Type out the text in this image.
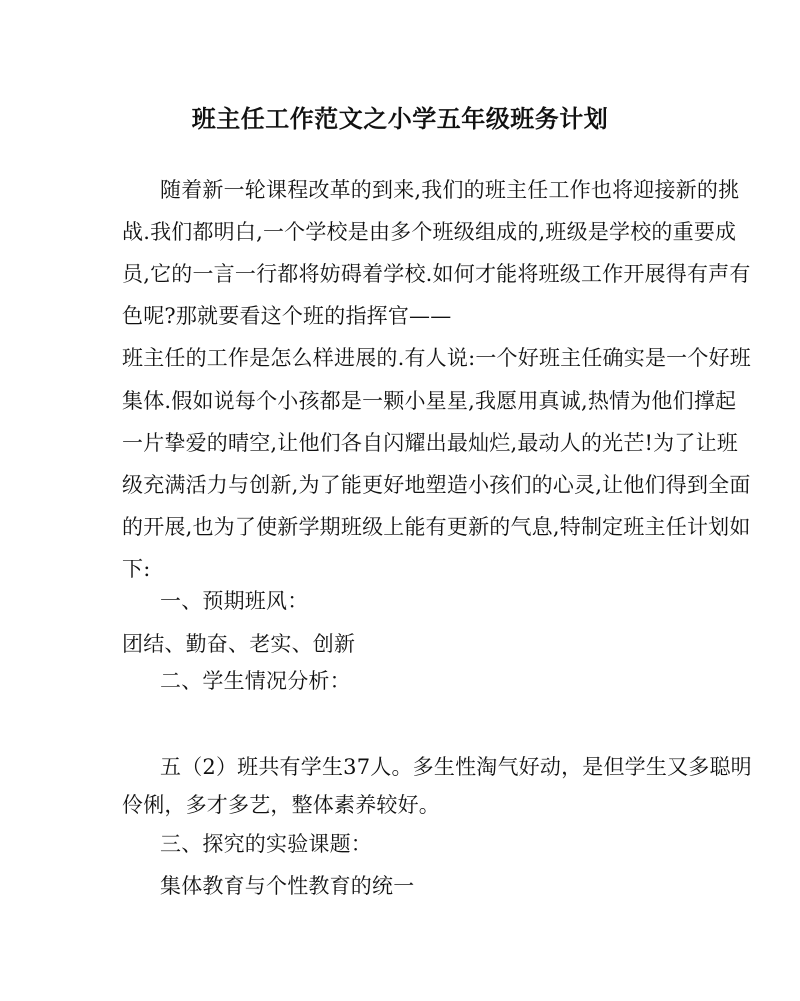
班主任工作范文之小学五年级班务计划

随着新一轮课程改革的到来,我们的班主任工作也将迎接新的挑

战.我们都明白,一个学校是由多个班级组成的,班级是学校的重要成

员,它的一言一行都将妨碍着学校.如何才能将班级工作开展得有声有

色呢?那就要看这个班的指挥官——

班主任的工作是怎么样进展的.有人说:一个好班主任确实是一个好班

集体.假如说每个小孩都是一颗小星星,我愿用真诚,热情为他们撑起

一片挚爱的晴空,让他们各自闪耀出最灿烂,最动人的光芒!为了让班

级充满活力与创新,为了能更好地塑造小孩们的心灵,让他们得到全面

的开展,也为了使新学期班级上能有更新的气息,特制定班主任计划如

下:

一、预期班风：

团结、勤奋、老实、创新

二、学生情况分析：

五（2）班共有学生37人。多生性淘气好动，是但学生又多聪明

伶俐，多才多艺，整体素养较好。

三、探究的实验课题：

集体教育与个性教育的统一
